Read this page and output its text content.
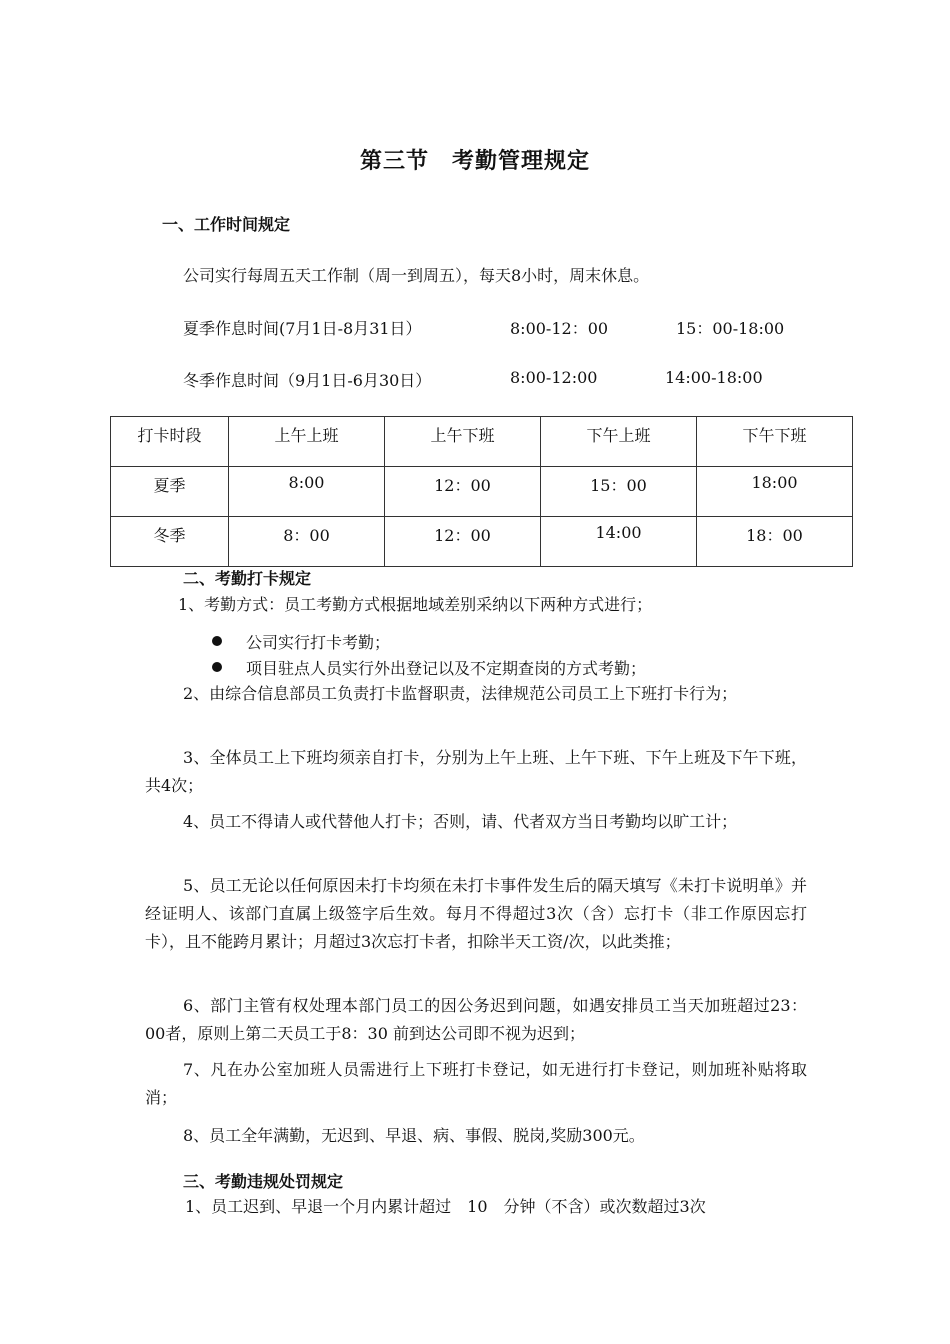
第三节　考勤管理规定
一、工作时间规定
公司实行每周五天工作制（周一到周五），每天8小时，周末休息。
夏季作息时间(7月1日-8月31日）	8:00-12：00	15：00-18:00
冬季作息时间（9月1日-6月30日）	8:00-12:00	14:00-18:00
打卡时段	上午上班	上午下班	下午上班	下午下班
夏季	8:00	12：00	15：00	18:00
冬季	8：00	12：00	14:00	18：00
二、考勤打卡规定
1、考勤方式：员工考勤方式根据地域差别采纳以下两种方式进行；
公司实行打卡考勤；
项目驻点人员实行外出登记以及不定期查岗的方式考勤；
2、由综合信息部员工负责打卡监督职责，法律规范公司员工上下班打卡行为；
3、全体员工上下班均须亲自打卡，分别为上午上班、上午下班、下午上班及下午下班，共4次；
4、员工不得请人或代替他人打卡；否则，请、代者双方当日考勤均以旷工计；
5、员工无论以任何原因未打卡均须在未打卡事件发生后的隔天填写《未打卡说明单》并经证明人、该部门直属上级签字后生效。每月不得超过3次（含）忘打卡（非工作原因忘打卡），且不能跨月累计；月超过3次忘打卡者，扣除半天工资/次，以此类推；
6、部门主管有权处理本部门员工的因公务迟到问题，如遇安排员工当天加班超过23：00者，原则上第二天员工于8：30 前到达公司即不视为迟到；
7、凡在办公室加班人员需进行上下班打卡登记，如无进行打卡登记，则加班补贴将取消；
8、员工全年满勤，无迟到、早退、病、事假、脱岗,奖励300元。
三、考勤违规处罚规定
1、员工迟到、早退一个月内累计超过　10　分钟（不含）或次数超过3次
